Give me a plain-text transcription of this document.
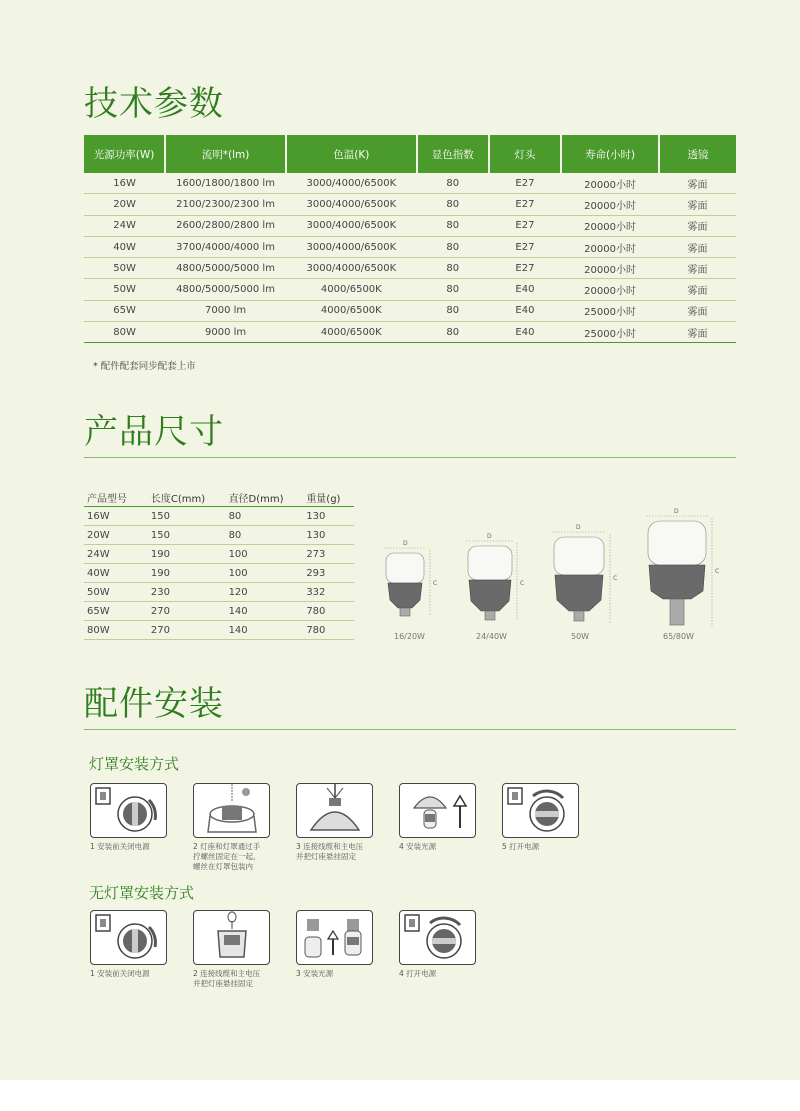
技术参数
光源功率(W)	流明*(lm)	色温(K)	显色指数	灯头	寿命(小时)	透镜
16W	1600/1800/1800 lm	3000/4000/6500K	80	E27	20000小时	雾面
20W	2100/2300/2300 lm	3000/4000/6500K	80	E27	20000小时	雾面
24W	2600/2800/2800 lm	3000/4000/6500K	80	E27	20000小时	雾面
40W	3700/4000/4000 lm	3000/4000/6500K	80	E27	20000小时	雾面
50W	4800/5000/5000 lm	3000/4000/6500K	80	E27	20000小时	雾面
50W	4800/5000/5000 lm	4000/6500K	80	E40	20000小时	雾面
65W	7000 lm	4000/6500K	80	E40	25000小时	雾面
80W	9000 lm	4000/6500K	80	E40	25000小时	雾面
* 配件配套同步配套上市
产品尺寸
产品型号	长度C(mm)	直径D(mm)	重量(g)
16W	150	80	130
20W	150	80	130
24W	190	100	273
40W	190	100	293
50W	230	120	332
65W	270	140	780
80W	270	140	780
D
C
D
C
D
C
D
C
16/20W	24/40W	50W	65/80W
配件安装
灯罩安装方式
1 安装前关闭电源	2 灯座和灯罩通过手
拧螺丝固定在一起,
螺丝在灯罩包装内
3 连接线缆和主电压
并把灯座悬挂固定
4 安装光源	5 打开电源
无灯罩安装方式
1 安装前关闭电源	2 连接线缆和主电压
并把灯座悬挂固定
3 安装光源	4 打开电源
